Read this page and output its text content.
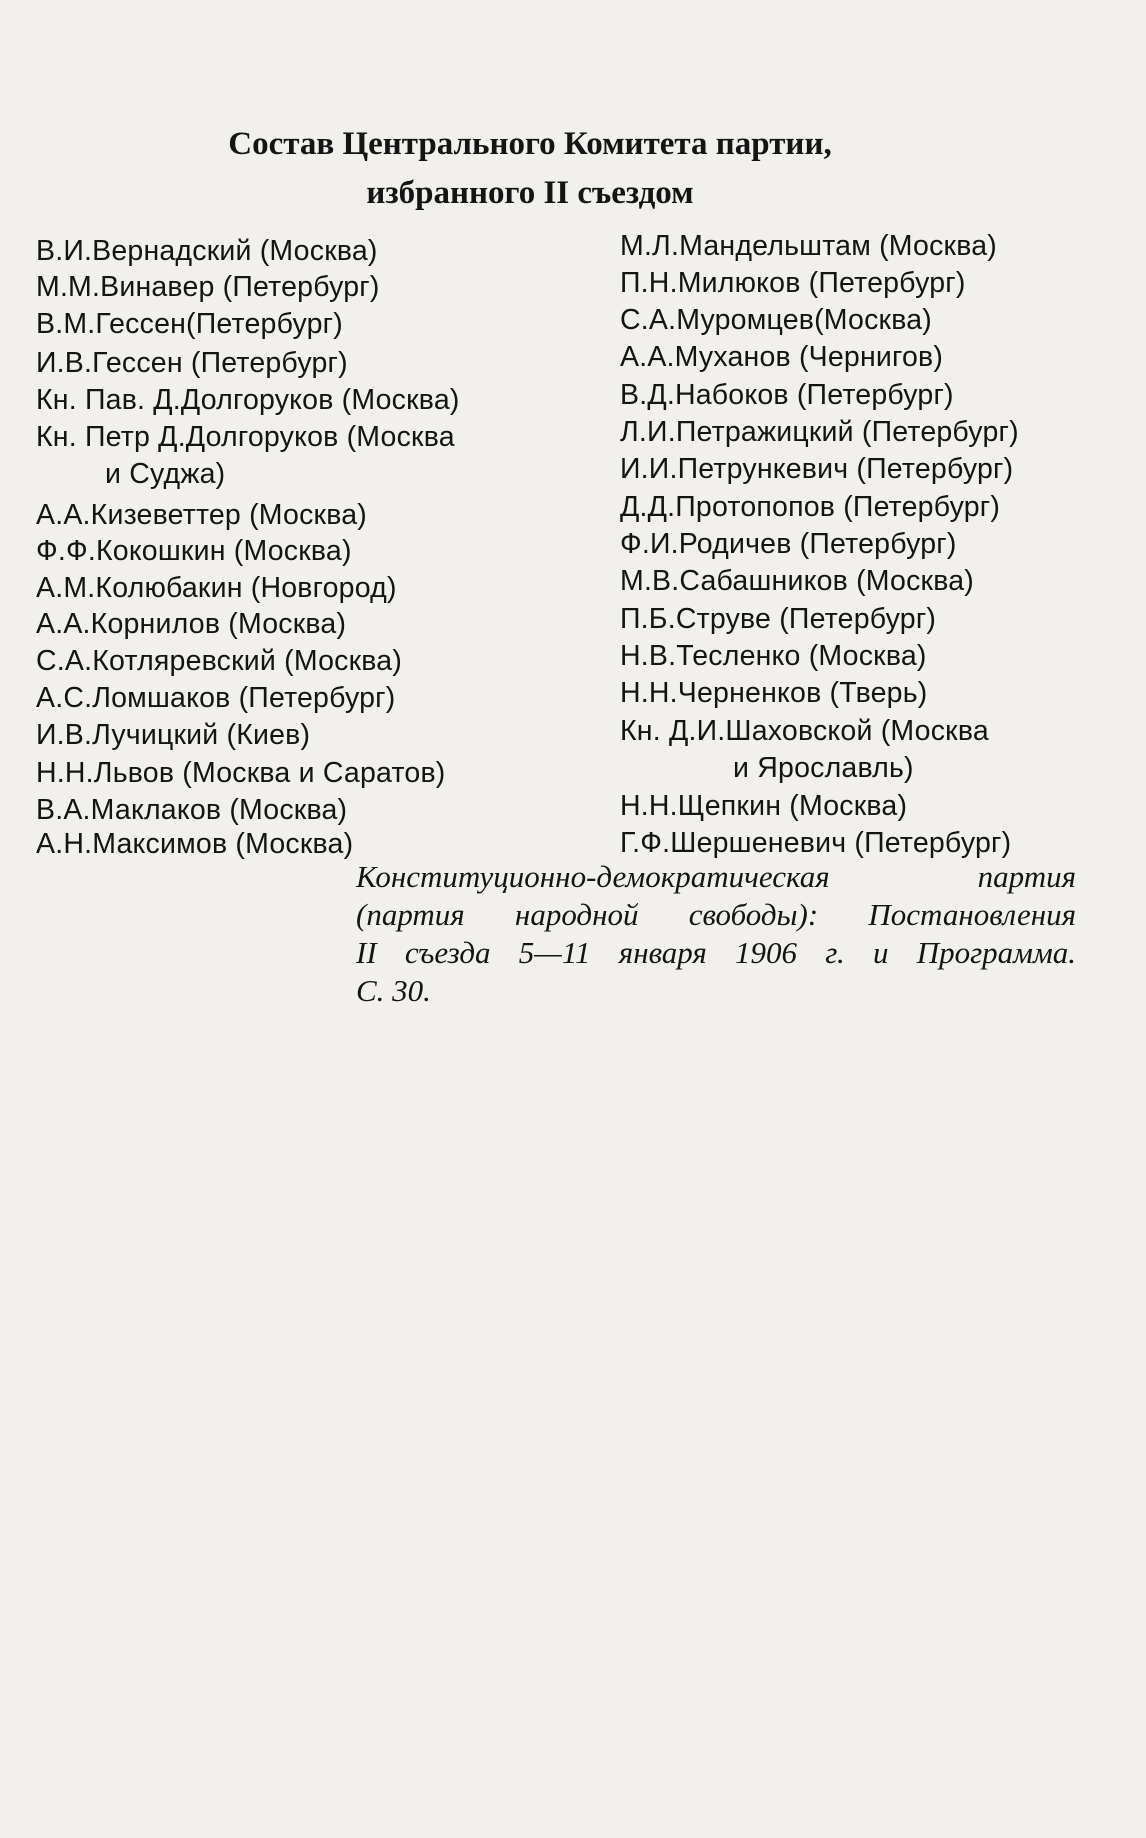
Состав Центрального Комитета партии,
избранного II съездом
В.И.Вернадский (Москва)
М.М.Винавер (Петербург)
В.М.Гессен(Петербург)
И.В.Гессен (Петербург)
Кн. Пав. Д.Долгоруков (Москва)
Кн. Петр Д.Долгоруков (Москва
и Суджа)
А.А.Кизеветтер (Москва)
Ф.Ф.Кокошкин (Москва)
А.М.Колюбакин (Новгород)
А.А.Корнилов (Москва)
С.А.Котляревский (Москва)
А.С.Ломшаков (Петербург)
И.В.Лучицкий (Киев)
Н.Н.Львов (Москва и Саратов)
В.А.Маклаков (Москва)
А.Н.Максимов (Москва)
М.Л.Мандельштам (Москва)
П.Н.Милюков (Петербург)
С.А.Муромцев(Москва)
А.А.Муханов (Чернигов)
В.Д.Набоков (Петербург)
Л.И.Петражицкий (Петербург)
И.И.Петрункевич (Петербург)
Д.Д.Протопопов (Петербург)
Ф.И.Родичев (Петербург)
М.В.Сабашников (Москва)
П.Б.Струве (Петербург)
Н.В.Тесленко (Москва)
Н.Н.Черненков (Тверь)
Кн. Д.И.Шаховской (Москва
и Ярославль)
Н.Н.Щепкин (Москва)
Г.Ф.Шершеневич (Петербург)
Конституционно-демократическая партия
(партия народной свободы): Постановления
II съезда 5—11 января 1906 г. и Программа.
С. 30.
